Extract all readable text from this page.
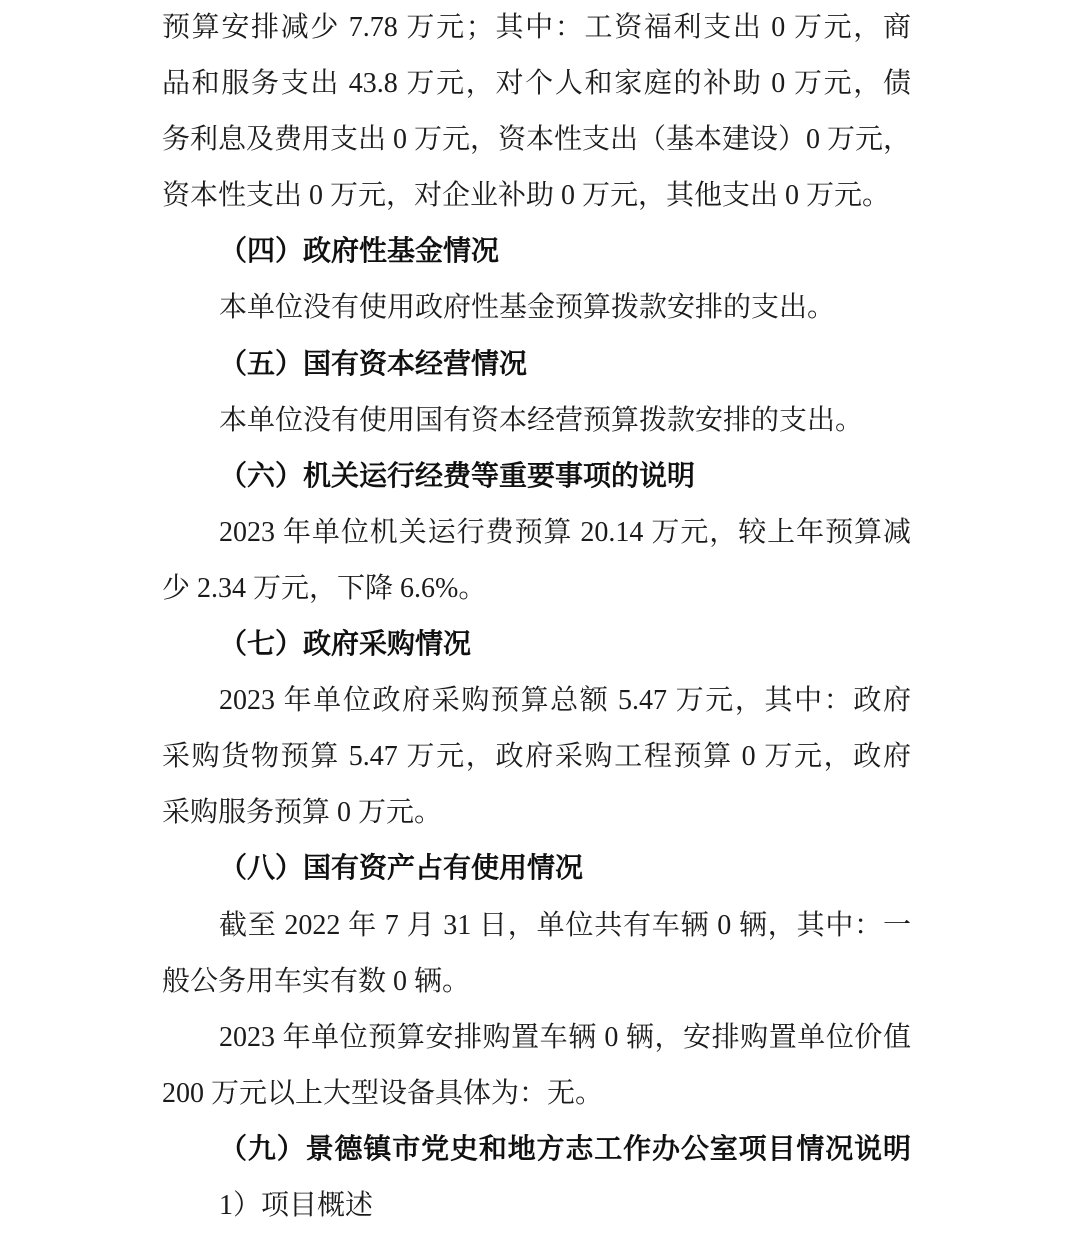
预算安排减少 7.78 万元；其中：工资福利支出 0 万元，商
品和服务支出 43.8 万元，对个人和家庭的补助 0 万元，债
务利息及费用支出 0 万元，资本性支出（基本建设）0 万元，
资本性支出 0 万元，对企业补助 0 万元，其他支出 0 万元。
（四）政府性基金情况
本单位没有使用政府性基金预算拨款安排的支出。
（五）国有资本经营情况
本单位没有使用国有资本经营预算拨款安排的支出。
（六）机关运行经费等重要事项的说明
2023 年单位机关运行费预算 20.14 万元，较上年预算减
少 2.34 万元，下降 6.6%。
（七）政府采购情况
2023 年单位政府采购预算总额 5.47 万元，其中：政府
采购货物预算 5.47 万元，政府采购工程预算 0 万元，政府
采购服务预算 0 万元。
（八）国有资产占有使用情况
截至 2022 年 7 月 31 日，单位共有车辆 0 辆，其中：一
般公务用车实有数 0 辆。
2023 年单位预算安排购置车辆 0 辆，安排购置单位价值
200 万元以上大型设备具体为：无。
（九）景德镇市党史和地方志工作办公室项目情况说明
1）项目概述
